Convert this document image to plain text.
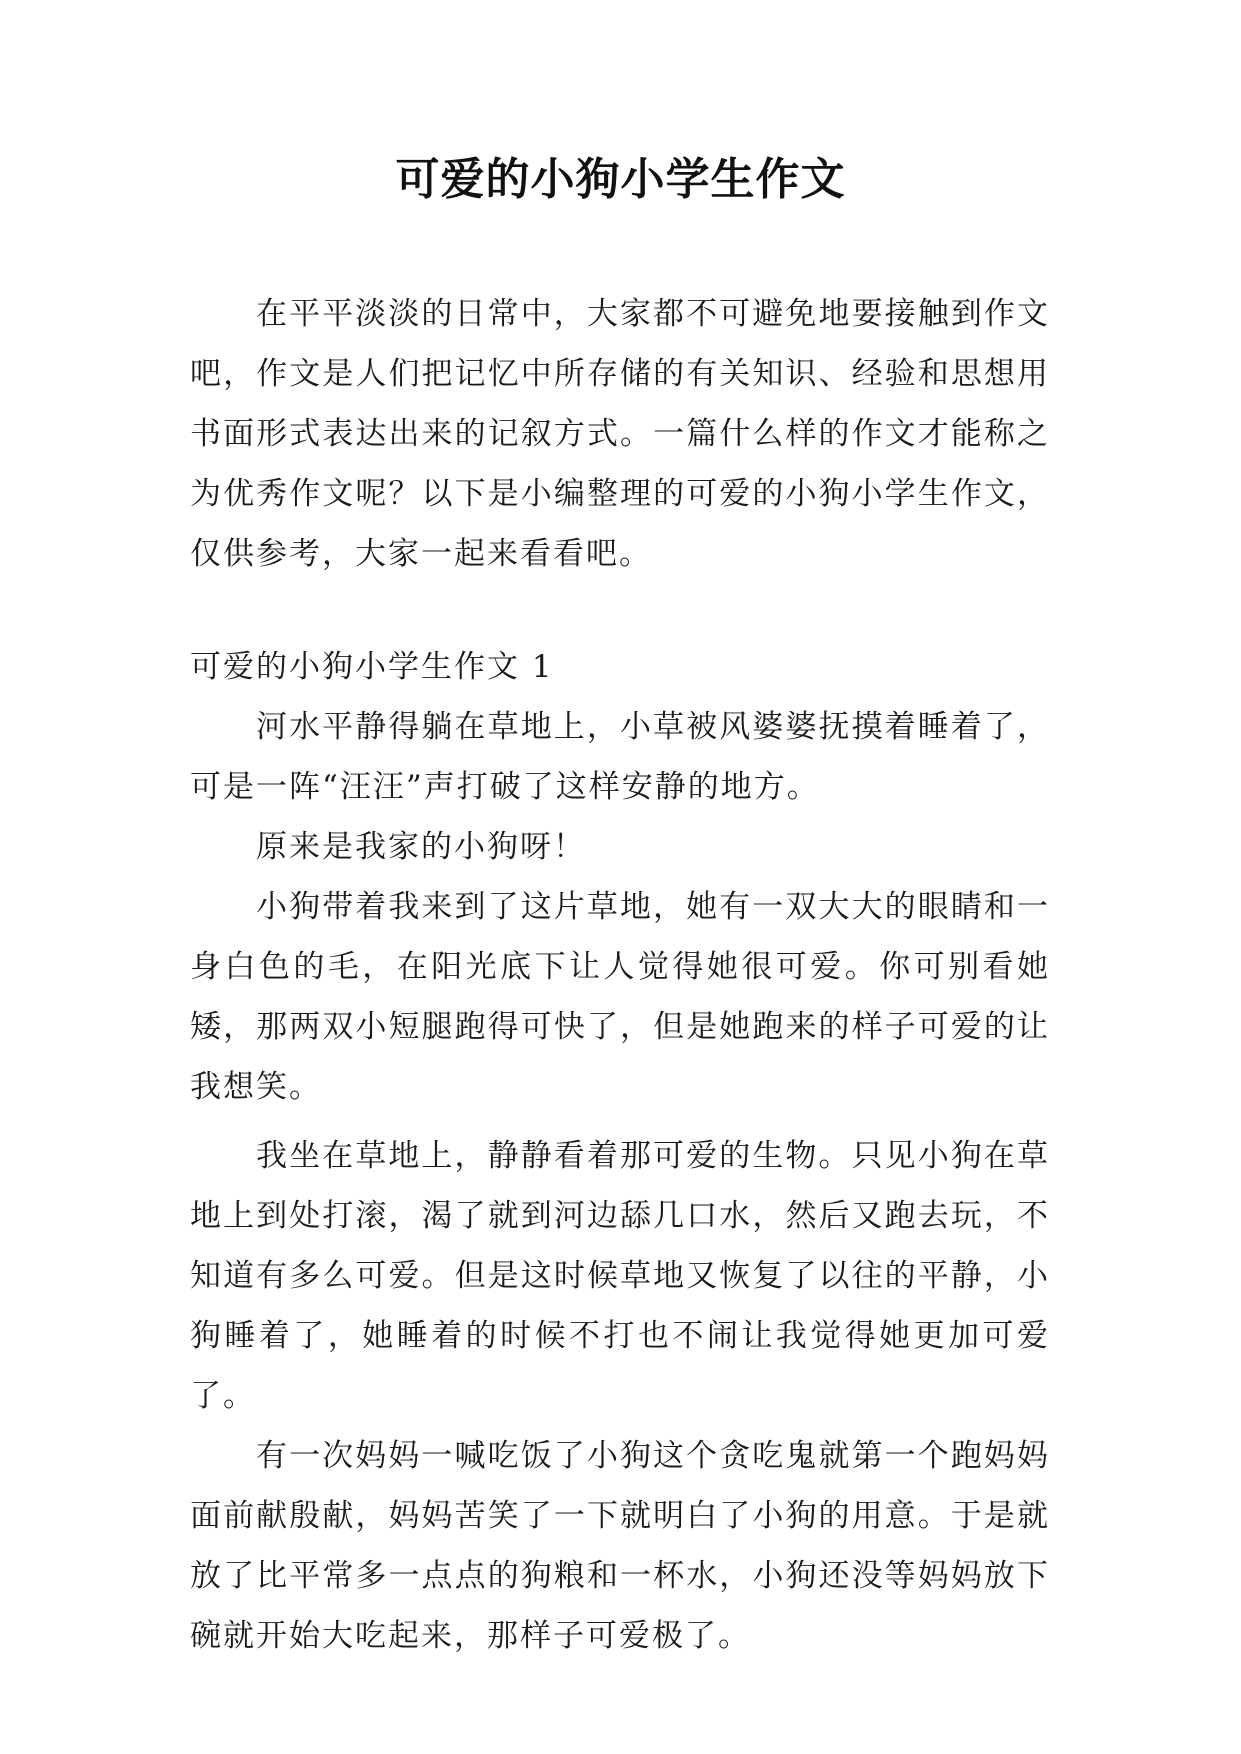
可爱的小狗小学生作文

在平平淡淡的日常中，大家都不可避免地要接触到作文吧，作文是人们把记忆中所存储的有关知识、经验和思想用书面形式表达出来的记叙方式。一篇什么样的作文才能称之为优秀作文呢？以下是小编整理的可爱的小狗小学生作文，仅供参考，大家一起来看看吧。

可爱的小狗小学生作文 1

河水平静得躺在草地上，小草被风婆婆抚摸着睡着了，可是一阵“汪汪”声打破了这样安静的地方。

原来是我家的小狗呀！

小狗带着我来到了这片草地，她有一双大大的眼睛和一身白色的毛，在阳光底下让人觉得她很可爱。你可别看她矮，那两双小短腿跑得可快了，但是她跑来的样子可爱的让我想笑。

我坐在草地上，静静看着那可爱的生物。只见小狗在草地上到处打滚，渴了就到河边舔几口水，然后又跑去玩，不知道有多么可爱。但是这时候草地又恢复了以往的平静，小狗睡着了，她睡着的时候不打也不闹让我觉得她更加可爱了。

有一次妈妈一喊吃饭了小狗这个贪吃鬼就第一个跑妈妈面前献殷献，妈妈苦笑了一下就明白了小狗的用意。于是就放了比平常多一点点的狗粮和一杯水，小狗还没等妈妈放下碗就开始大吃起来，那样子可爱极了。
